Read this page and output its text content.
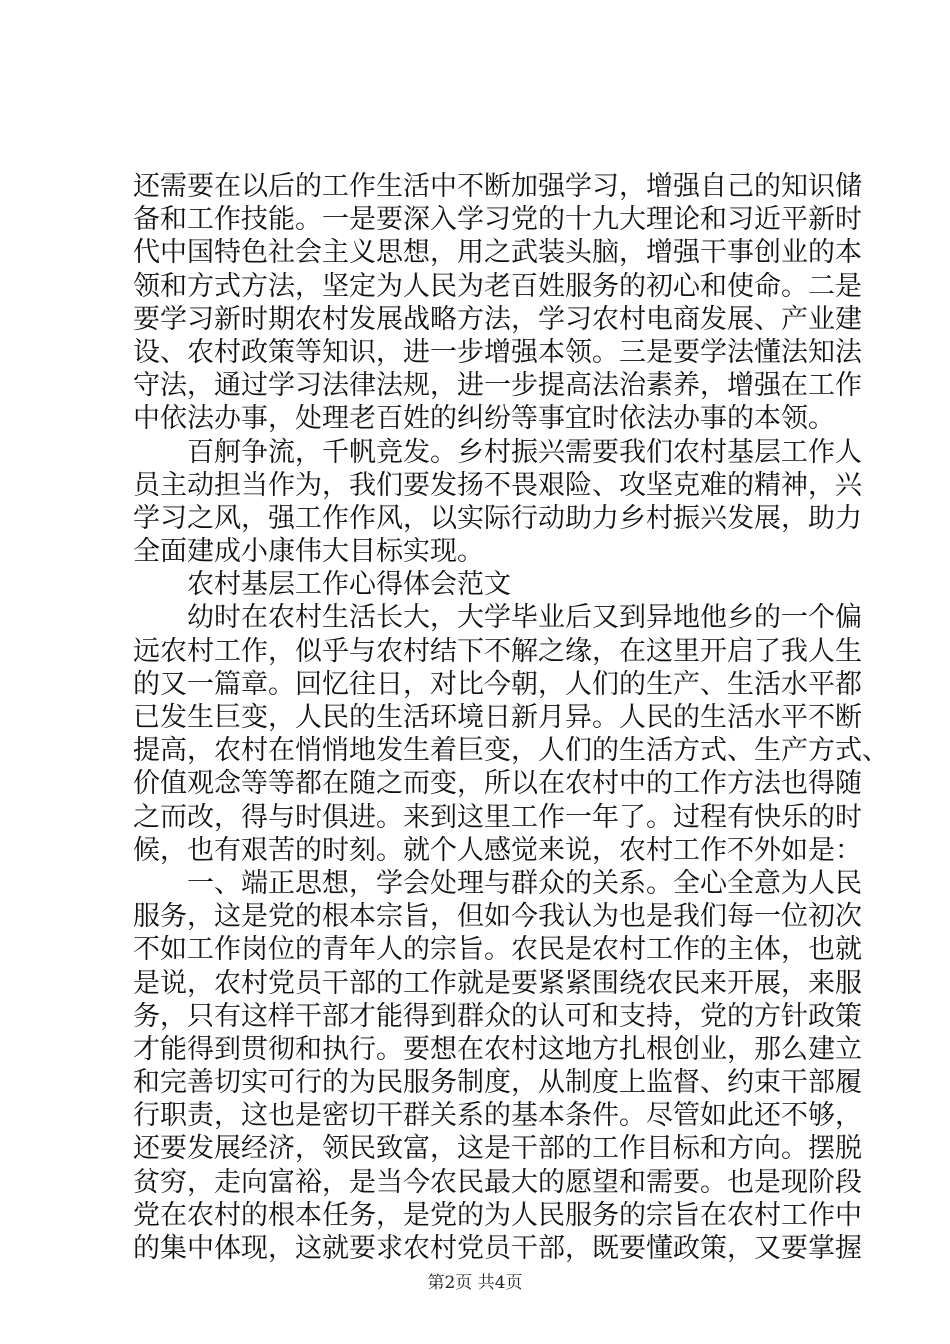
还需要在以后的工作生活中不断加强学习，增强自己的知识储
备和工作技能。一是要深入学习党的十九大理论和习近平新时
代中国特色社会主义思想，用之武装头脑，增强干事创业的本
领和方式方法，坚定为人民为老百姓服务的初心和使命。二是
要学习新时期农村发展战略方法，学习农村电商发展、产业建
设、农村政策等知识，进一步增强本领。三是要学法懂法知法
守法，通过学习法律法规，进一步提高法治素养，增强在工作
中依法办事，处理老百姓的纠纷等事宜时依法办事的本领。
百舸争流，千帆竞发。乡村振兴需要我们农村基层工作人
员主动担当作为，我们要发扬不畏艰险、攻坚克难的精神，兴
学习之风，强工作作风，以实际行动助力乡村振兴发展，助力
全面建成小康伟大目标实现。
农村基层工作心得体会范文
幼时在农村生活长大，大学毕业后又到异地他乡的一个偏
远农村工作，似乎与农村结下不解之缘，在这里开启了我人生
的又一篇章。回忆往日，对比今朝，人们的生产、生活水平都
已发生巨变，人民的生活环境日新月异。人民的生活水平不断
提高，农村在悄悄地发生着巨变，人们的生活方式、生产方式、
价值观念等等都在随之而变，所以在农村中的工作方法也得随
之而改，得与时俱进。来到这里工作一年了。过程有快乐的时
候，也有艰苦的时刻。就个人感觉来说，农村工作不外如是：
一、端正思想，学会处理与群众的关系。全心全意为人民
服务，这是党的根本宗旨，但如今我认为也是我们每一位初次
不如工作岗位的青年人的宗旨。农民是农村工作的主体，也就
是说，农村党员干部的工作就是要紧紧围绕农民来开展，来服
务，只有这样干部才能得到群众的认可和支持，党的方针政策
才能得到贯彻和执行。要想在农村这地方扎根创业，那么建立
和完善切实可行的为民服务制度，从制度上监督、约束干部履
行职责，这也是密切干群关系的基本条件。尽管如此还不够，
还要发展经济，领民致富，这是干部的工作目标和方向。摆脱
贫穷，走向富裕，是当今农民最大的愿望和需要。也是现阶段
党在农村的根本任务，是党的为人民服务的宗旨在农村工作中
的集中体现，这就要求农村党员干部，既要懂政策，又要掌握
第2页 共4页
